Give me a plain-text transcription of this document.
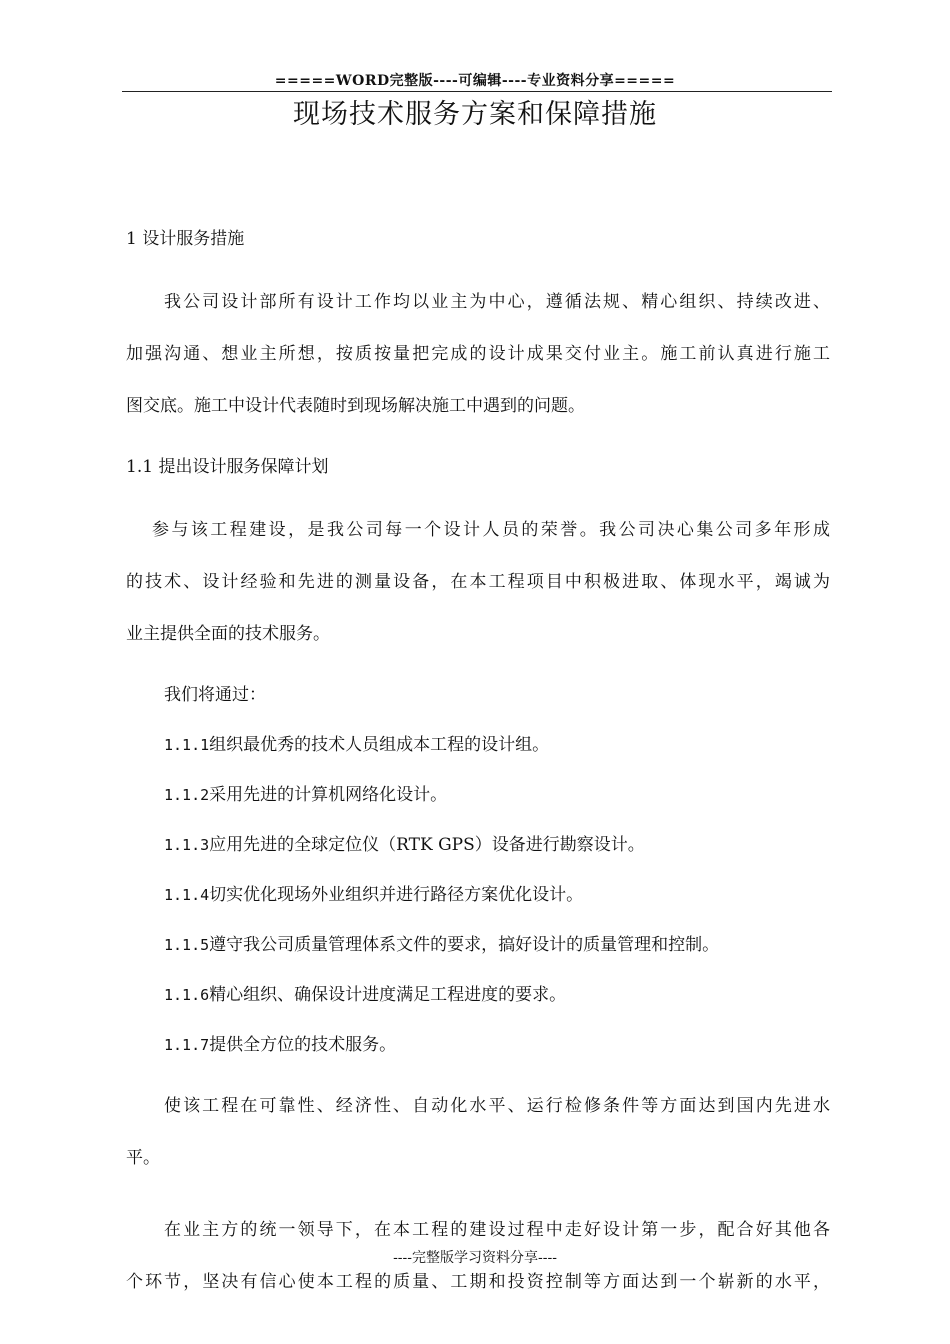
=====WORD完整版----可编辑----专业资料分享=====
现场技术服务方案和保障措施
1 设计服务措施
我公司设计部所有设计工作均以业主为中心，遵循法规、精心组织、持续改进、
加强沟通、想业主所想，按质按量把完成的设计成果交付业主。施工前认真进行施工
图交底。施工中设计代表随时到现场解决施工中遇到的问题。
1.1 提出设计服务保障计划
参与该工程建设，是我公司每一个设计人员的荣誉。我公司决心集公司多年形成
的技术、设计经验和先进的测量设备，在本工程项目中积极进取、体现水平，竭诚为
业主提供全面的技术服务。
我们将通过：
1.1.1组织最优秀的技术人员组成本工程的设计组。
1.1.2采用先进的计算机网络化设计。
1.1.3应用先进的全球定位仪（RTK GPS）设备进行勘察设计。
1.1.4切实优化现场外业组织并进行路径方案优化设计。
1.1.5遵守我公司质量管理体系文件的要求，搞好设计的质量管理和控制。
1.1.6精心组织、确保设计进度满足工程进度的要求。
1.1.7提供全方位的技术服务。
使该工程在可靠性、经济性、自动化水平、运行检修条件等方面达到国内先进水
平。
在业主方的统一领导下，在本工程的建设过程中走好设计第一步，配合好其他各
个环节，坚决有信心使本工程的质量、工期和投资控制等方面达到一个崭新的水平，
----完整版学习资料分享----
